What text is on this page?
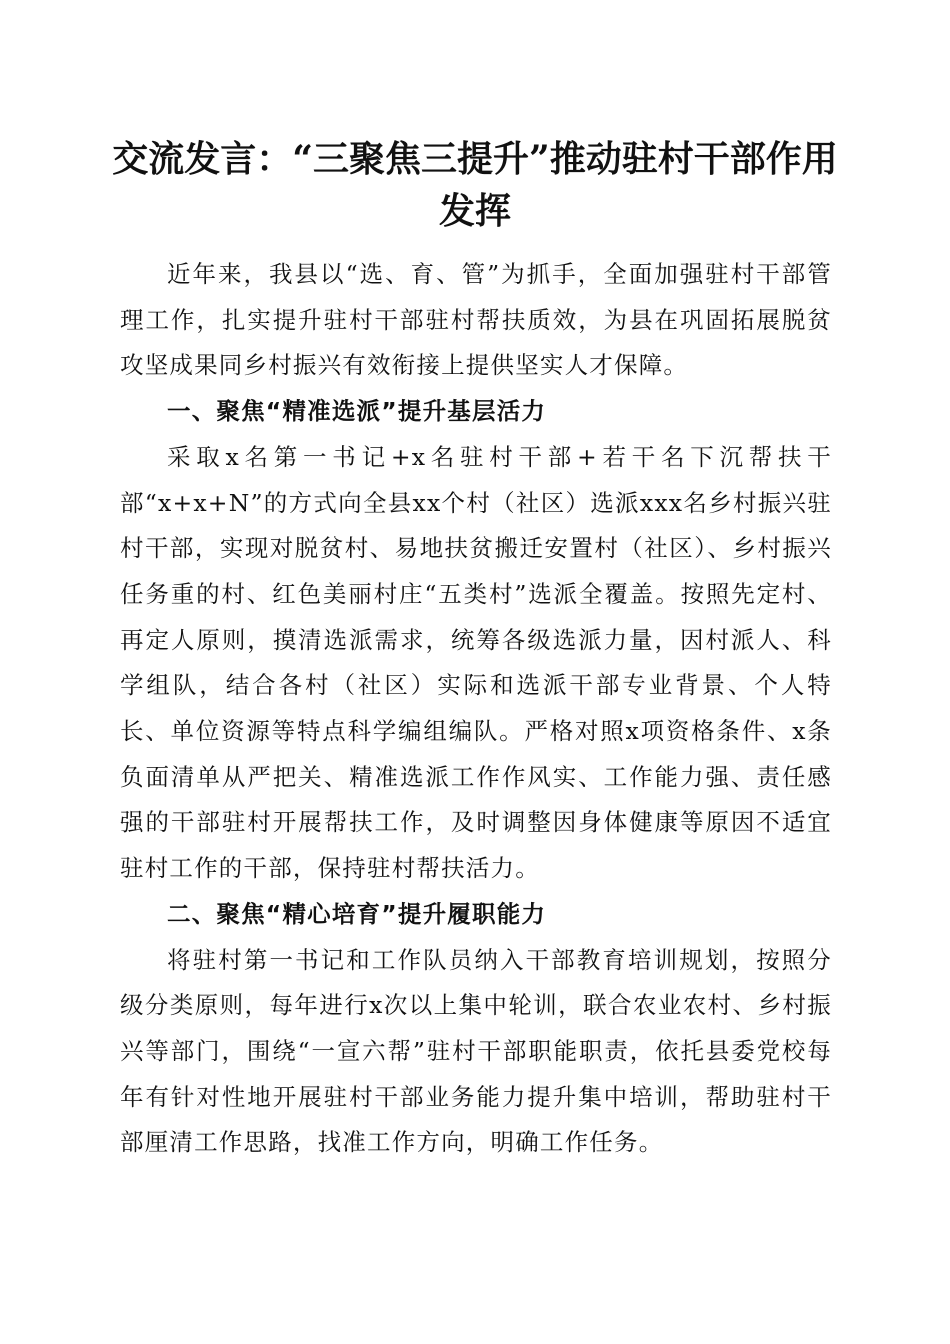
交流发言：“三聚焦三提升”推动驻村干部作用发挥

近年来，我县以“选、育、管”为抓手，全面加强驻村干部管理工作，扎实提升驻村干部驻村帮扶质效，为县在巩固拓展脱贫攻坚成果同乡村振兴有效衔接上提供坚实人才保障。

一、聚焦“精准选派”提升基层活力

采取x名第一书记+x名驻村干部+若干名下沉帮扶干部“x+x+N”的方式向全县xx个村（社区）选派xxx名乡村振兴驻村干部，实现对脱贫村、易地扶贫搬迁安置村（社区）、乡村振兴任务重的村、红色美丽村庄“五类村”选派全覆盖。按照先定村、再定人原则，摸清选派需求，统筹各级选派力量，因村派人、科学组队，结合各村（社区）实际和选派干部专业背景、个人特长、单位资源等特点科学编组编队。严格对照x项资格条件、x条负面清单从严把关、精准选派工作作风实、工作能力强、责任感强的干部驻村开展帮扶工作，及时调整因身体健康等原因不适宜驻村工作的干部，保持驻村帮扶活力。

二、聚焦“精心培育”提升履职能力

将驻村第一书记和工作队员纳入干部教育培训规划，按照分级分类原则，每年进行x次以上集中轮训，联合农业农村、乡村振兴等部门，围绕“一宣六帮”驻村干部职能职责，依托县委党校每年有针对性地开展驻村干部业务能力提升集中培训，帮助驻村干部厘清工作思路，找准工作方向，明确工作任务。
